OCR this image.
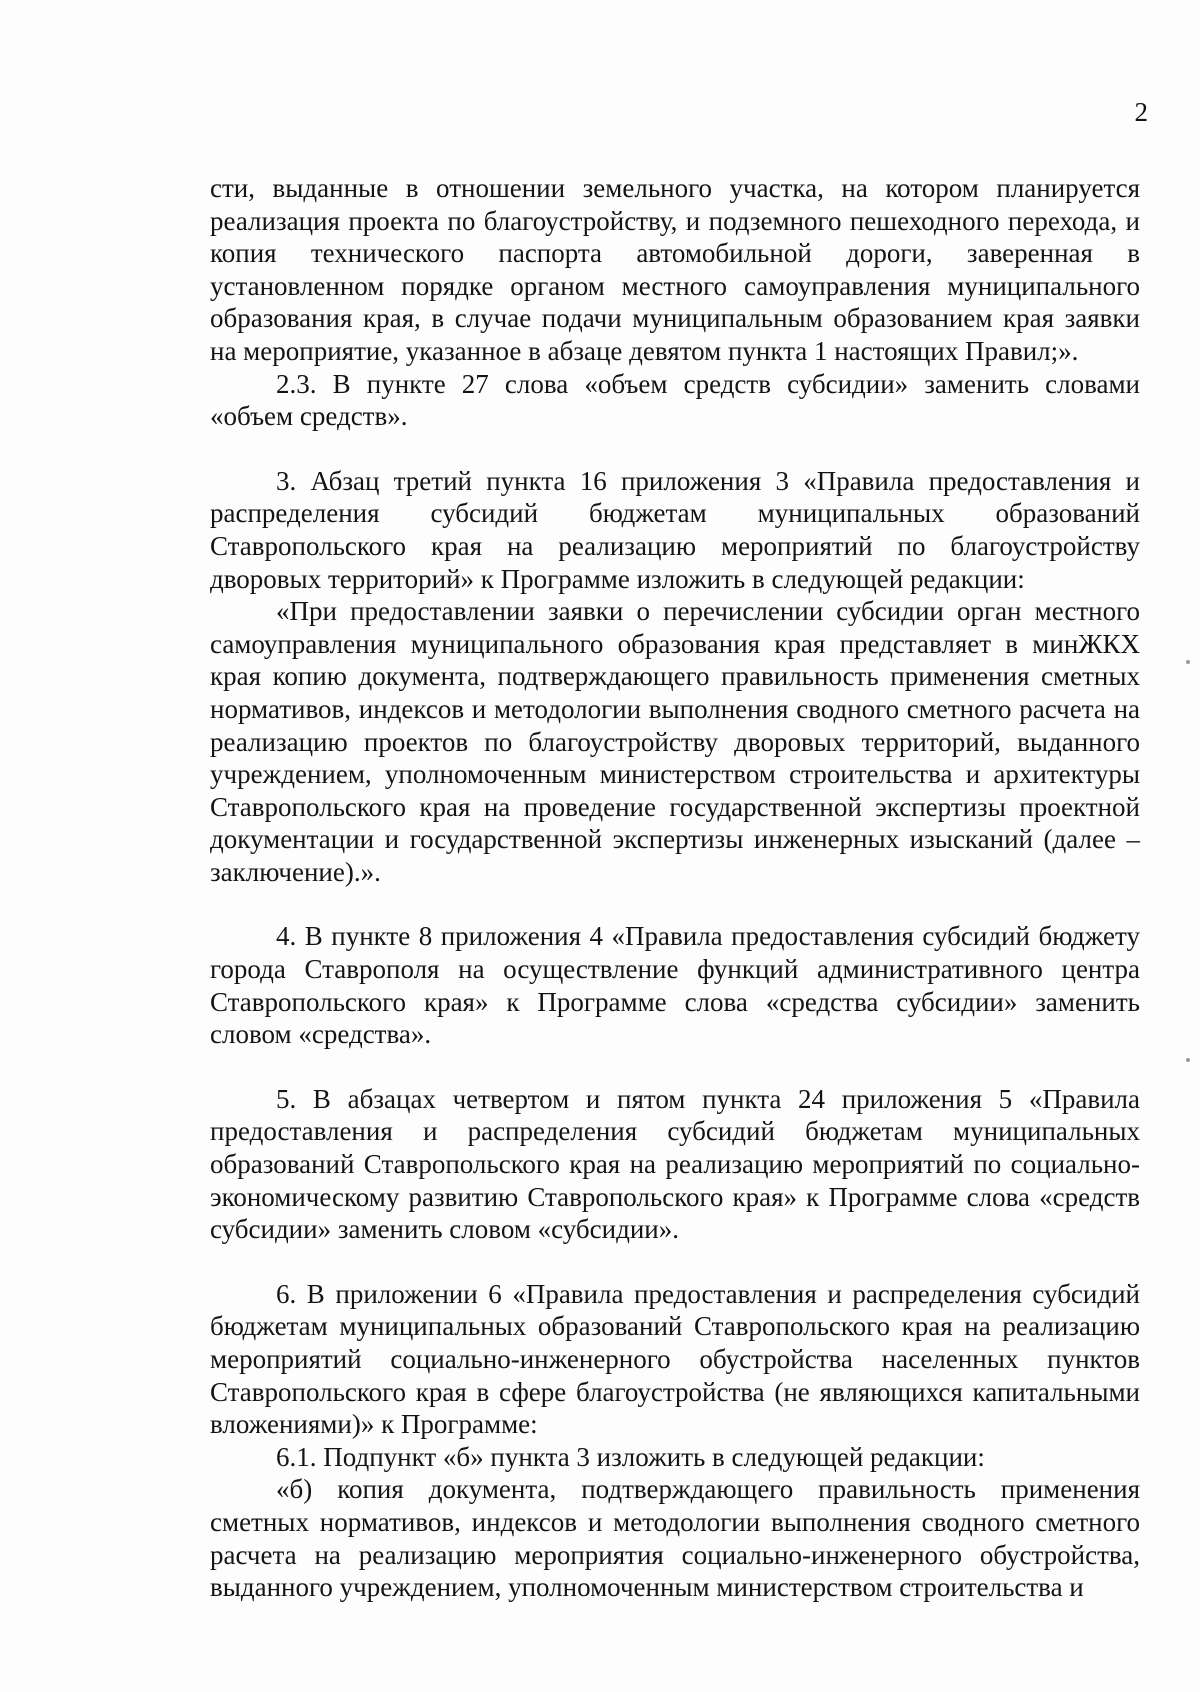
2

сти, выданные в отношении земельного участка, на котором планируется реализация проекта по благоустройству, и подземного пешеходного перехода, и копия технического паспорта автомобильной дороги, заверенная в установленном порядке органом местного самоуправления муниципального образования края, в случае подачи муниципальным образованием края заявки на мероприятие, указанное в абзаце девятом пункта 1 настоящих Правил;».

2.3. В пункте 27 слова «объем средств субсидии» заменить словами «объем средств».

3. Абзац третий пункта 16 приложения 3 «Правила предоставления и распределения субсидий бюджетам муниципальных образований Ставропольского края на реализацию мероприятий по благоустройству дворовых территорий» к Программе изложить в следующей редакции:

«При предоставлении заявки о перечислении субсидии орган местного самоуправления муниципального образования края представляет в минЖКХ края копию документа, подтверждающего правильность применения сметных нормативов, индексов и методологии выполнения сводного сметного расчета на реализацию проектов по благоустройству дворовых территорий, выданного учреждением, уполномоченным министерством строительства и архитектуры Ставропольского края на проведение государственной экспертизы проектной документации и государственной экспертизы инженерных изысканий (далее – заключение).».

4. В пункте 8 приложения 4 «Правила предоставления субсидий бюджету города Ставрополя на осуществление функций административного центра Ставропольского края» к Программе слова «средства субсидии» заменить словом «средства».

5. В абзацах четвертом и пятом пункта 24 приложения 5 «Правила предоставления и распределения субсидий бюджетам муниципальных образований Ставропольского края на реализацию мероприятий по социально-экономическому развитию Ставропольского края» к Программе слова «средств субсидии» заменить словом «субсидии».

6. В приложении 6 «Правила предоставления и распределения субсидий бюджетам муниципальных образований Ставропольского края на реализацию мероприятий социально-инженерного обустройства населенных пунктов Ставропольского края в сфере благоустройства (не являющихся капитальными вложениями)» к Программе:

6.1. Подпункт «б» пункта 3 изложить в следующей редакции:

«б) копия документа, подтверждающего правильность применения сметных нормативов, индексов и методологии выполнения сводного сметного расчета на реализацию мероприятия социально-инженерного обустройства, выданного учреждением, уполномоченным министерством строительства и
